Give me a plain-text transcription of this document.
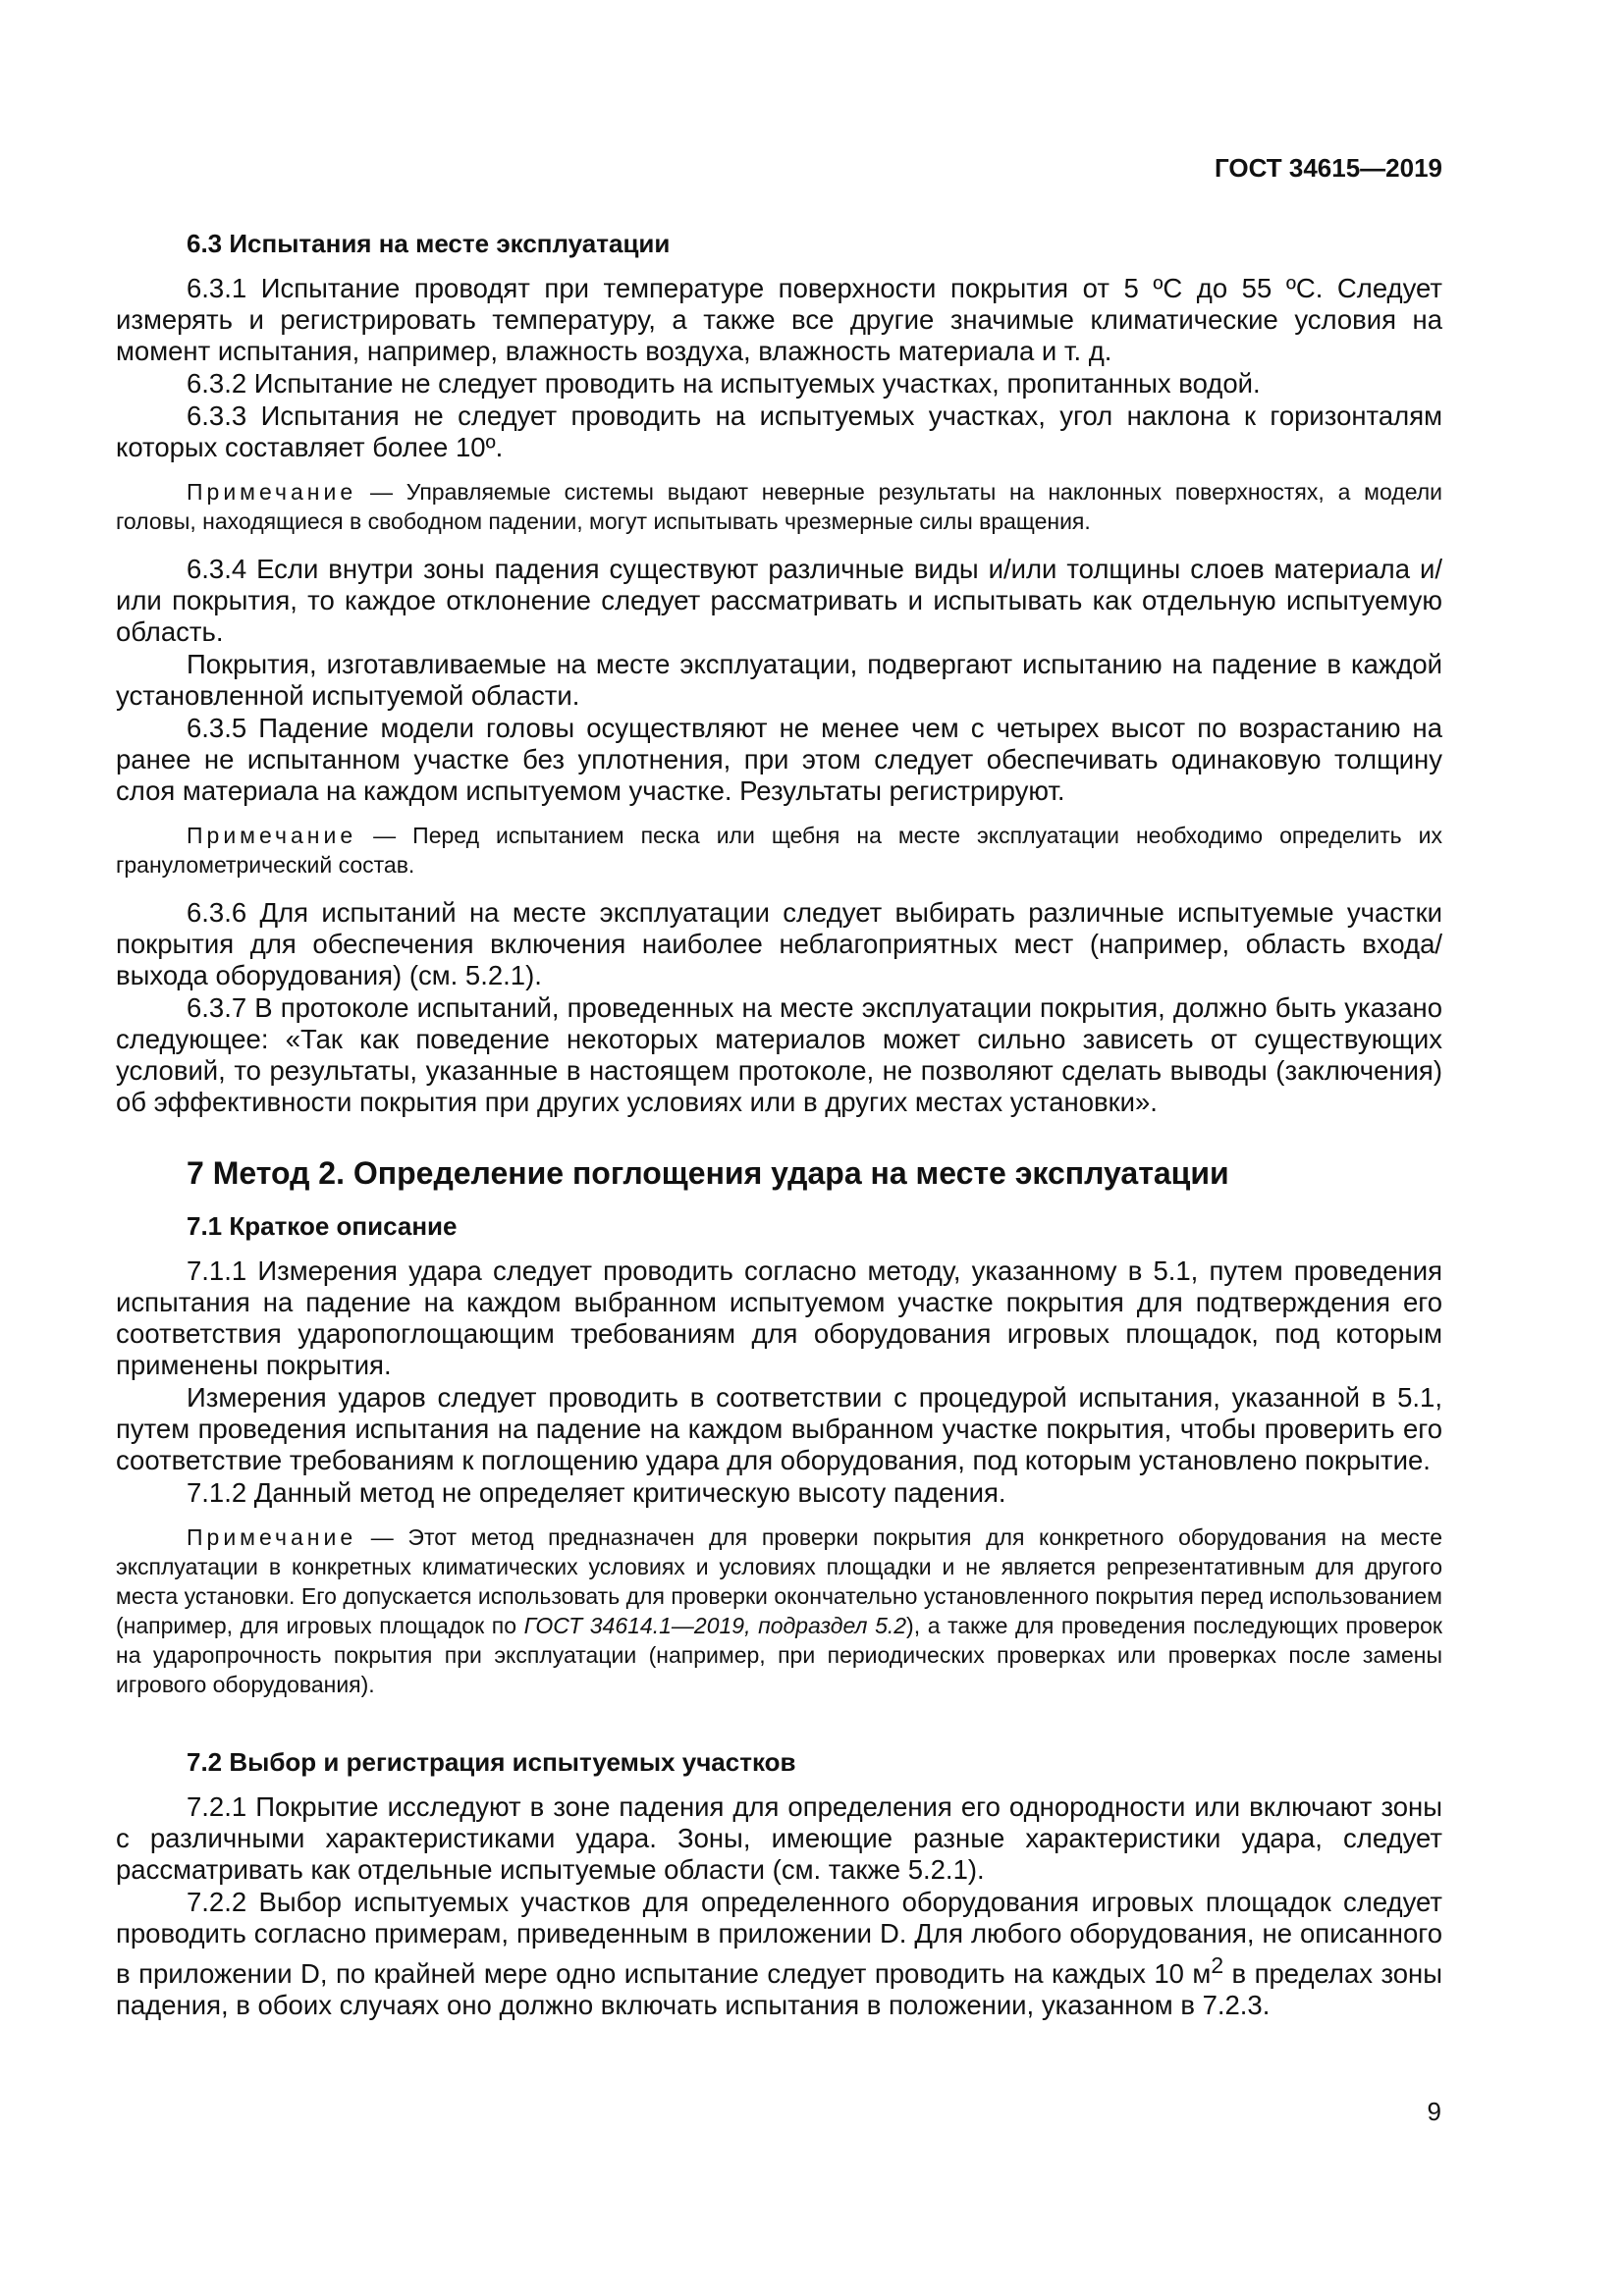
ГОСТ 34615—2019
6.3 Испытания на месте эксплуатации

6.3.1 Испытание проводят при температуре поверхности покрытия от 5 ºС до 55 ºС. Следует измерять и регистрировать температуру, а также все другие значимые климатические условия на момент испытания, например, влажность воздуха, влажность материала и т. д.

6.3.2 Испытание не следует проводить на испытуемых участках, пропитанных водой.

6.3.3 Испытания не следует проводить на испытуемых участках, угол наклона к горизонталям которых составляет более 10º.

Примечание — Управляемые системы выдают неверные результаты на наклонных поверхностях, а модели головы, находящиеся в свободном падении, могут испытывать чрезмерные силы вращения.

6.3.4 Если внутри зоны падения существуют различные виды и/или толщины слоев материала и/или покрытия, то каждое отклонение следует рассматривать и испытывать как отдельную испытуемую область.

Покрытия, изготавливаемые на месте эксплуатации, подвергают испытанию на падение в каждой установленной испытуемой области.

6.3.5 Падение модели головы осуществляют не менее чем с четырех высот по возрастанию на ранее не испытанном участке без уплотнения, при этом следует обеспечивать одинаковую толщину слоя материала на каждом испытуемом участке. Результаты регистрируют.

Примечание — Перед испытанием песка или щебня на месте эксплуатации необходимо определить их гранулометрический состав.

6.3.6 Для испытаний на месте эксплуатации следует выбирать различные испытуемые участки покрытия для обеспечения включения наиболее неблагоприятных мест (например, область входа/выхода оборудования) (см. 5.2.1).

6.3.7 В протоколе испытаний, проведенных на месте эксплуатации покрытия, должно быть указано следующее: «Так как поведение некоторых материалов может сильно зависеть от существующих условий, то результаты, указанные в настоящем протоколе, не позволяют сделать выводы (заключения) об эффективности покрытия при других условиях или в других местах установки».

7 Метод 2. Определение поглощения удара на месте эксплуатации
7.1 Краткое описание

7.1.1 Измерения удара следует проводить согласно методу, указанному в 5.1, путем проведения испытания на падение на каждом выбранном испытуемом участке покрытия для подтверждения его соответствия ударопоглощающим требованиям для оборудования игровых площадок, под которым применены покрытия.

Измерения ударов следует проводить в соответствии с процедурой испытания, указанной в 5.1, путем проведения испытания на падение на каждом выбранном участке покрытия, чтобы проверить его соответствие требованиям к поглощению удара для оборудования, под которым установлено покрытие.

7.1.2 Данный метод не определяет критическую высоту падения.

Примечание — Этот метод предназначен для проверки покрытия для конкретного оборудования на месте эксплуатации в конкретных климатических условиях и условиях площадки и не является репрезентативным для другого места установки. Его допускается использовать для проверки окончательно установленного покрытия перед использованием (например, для игровых площадок по ГОСТ 34614.1—2019, подраздел 5.2), а также для проведения последующих проверок на ударопрочность покрытия при эксплуатации (например, при периодических проверках или проверках после замены игрового оборудования).

7.2 Выбор и регистрация испытуемых участков

7.2.1 Покрытие исследуют в зоне падения для определения его однородности или включают зоны с различными характеристиками удара. Зоны, имеющие разные характеристики удара, следует рассматривать как отдельные испытуемые области (см. также 5.2.1).

7.2.2 Выбор испытуемых участков для определенного оборудования игровых площадок следует проводить согласно примерам, приведенным в приложении D. Для любого оборудования, не описанного в приложении D, по крайней мере одно испытание следует проводить на каждых 10 $м^2$ в пределах зоны падения, в обоих случаях оно должно включать испытания в положении, указанном в 7.2.3.

9
